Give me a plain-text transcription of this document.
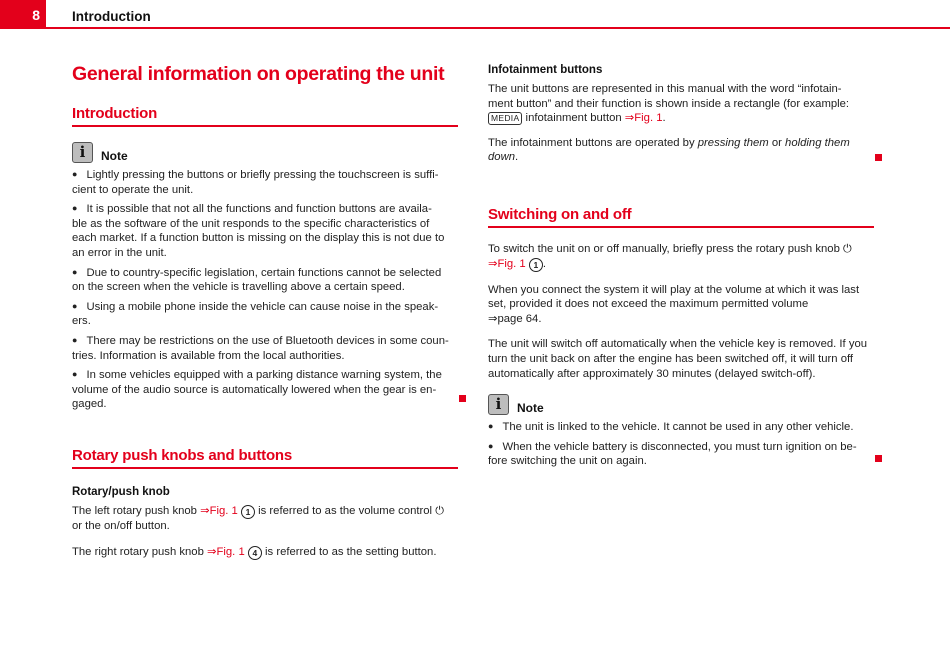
8	Introduction
General information on operating the unit
Introduction
i Note

● Lightly pressing the buttons or briefly pressing the touchscreen is suffi-
cient to operate the unit.

● It is possible that not all the functions and function buttons are availa-
ble as the software of the unit responds to the specific characteristics of
each market. If a function button is missing on the display this is not due to
an error in the unit.

● Due to country-specific legislation, certain functions cannot be selected
on the screen when the vehicle is travelling above a certain speed.

● Using a mobile phone inside the vehicle can cause noise in the speak-
ers.

● There may be restrictions on the use of Bluetooth devices in some coun-
tries. Information is available from the local authorities.

● In some vehicles equipped with a parking distance warning system, the
volume of the audio source is automatically lowered when the gear is en-
gaged.

Rotary push knobs and buttons
Rotary/push knob

The left rotary push knob ⇒Fig. 1 1 is referred to as the volume control ⏻
or the on/off button.

The right rotary push knob ⇒Fig. 1 4 is referred to as the setting button.

Infotainment buttons

The unit buttons are represented in this manual with the word “infotain-
ment button” and their function is shown inside a rectangle (for example:

MEDIA infotainment button ⇒Fig. 1.

The infotainment buttons are operated by pressing them or holding them
down.

Switching on and off

To switch the unit on or off manually, briefly press the rotary push knob ⏻
⇒Fig. 1 1 .

When you connect the system it will play at the volume at which it was last
set, provided it does not exceed the maximum permitted volume
⇒page 64.

The unit will switch off automatically when the vehicle key is removed. If you
turn the unit back on after the engine has been switched off, it will turn off
automatically after approximately 30 minutes (delayed switch-off).

i Note

● The unit is linked to the vehicle. It cannot be used in any other vehicle.

● When the vehicle battery is disconnected, you must turn ignition on be-
fore switching the unit on again.
